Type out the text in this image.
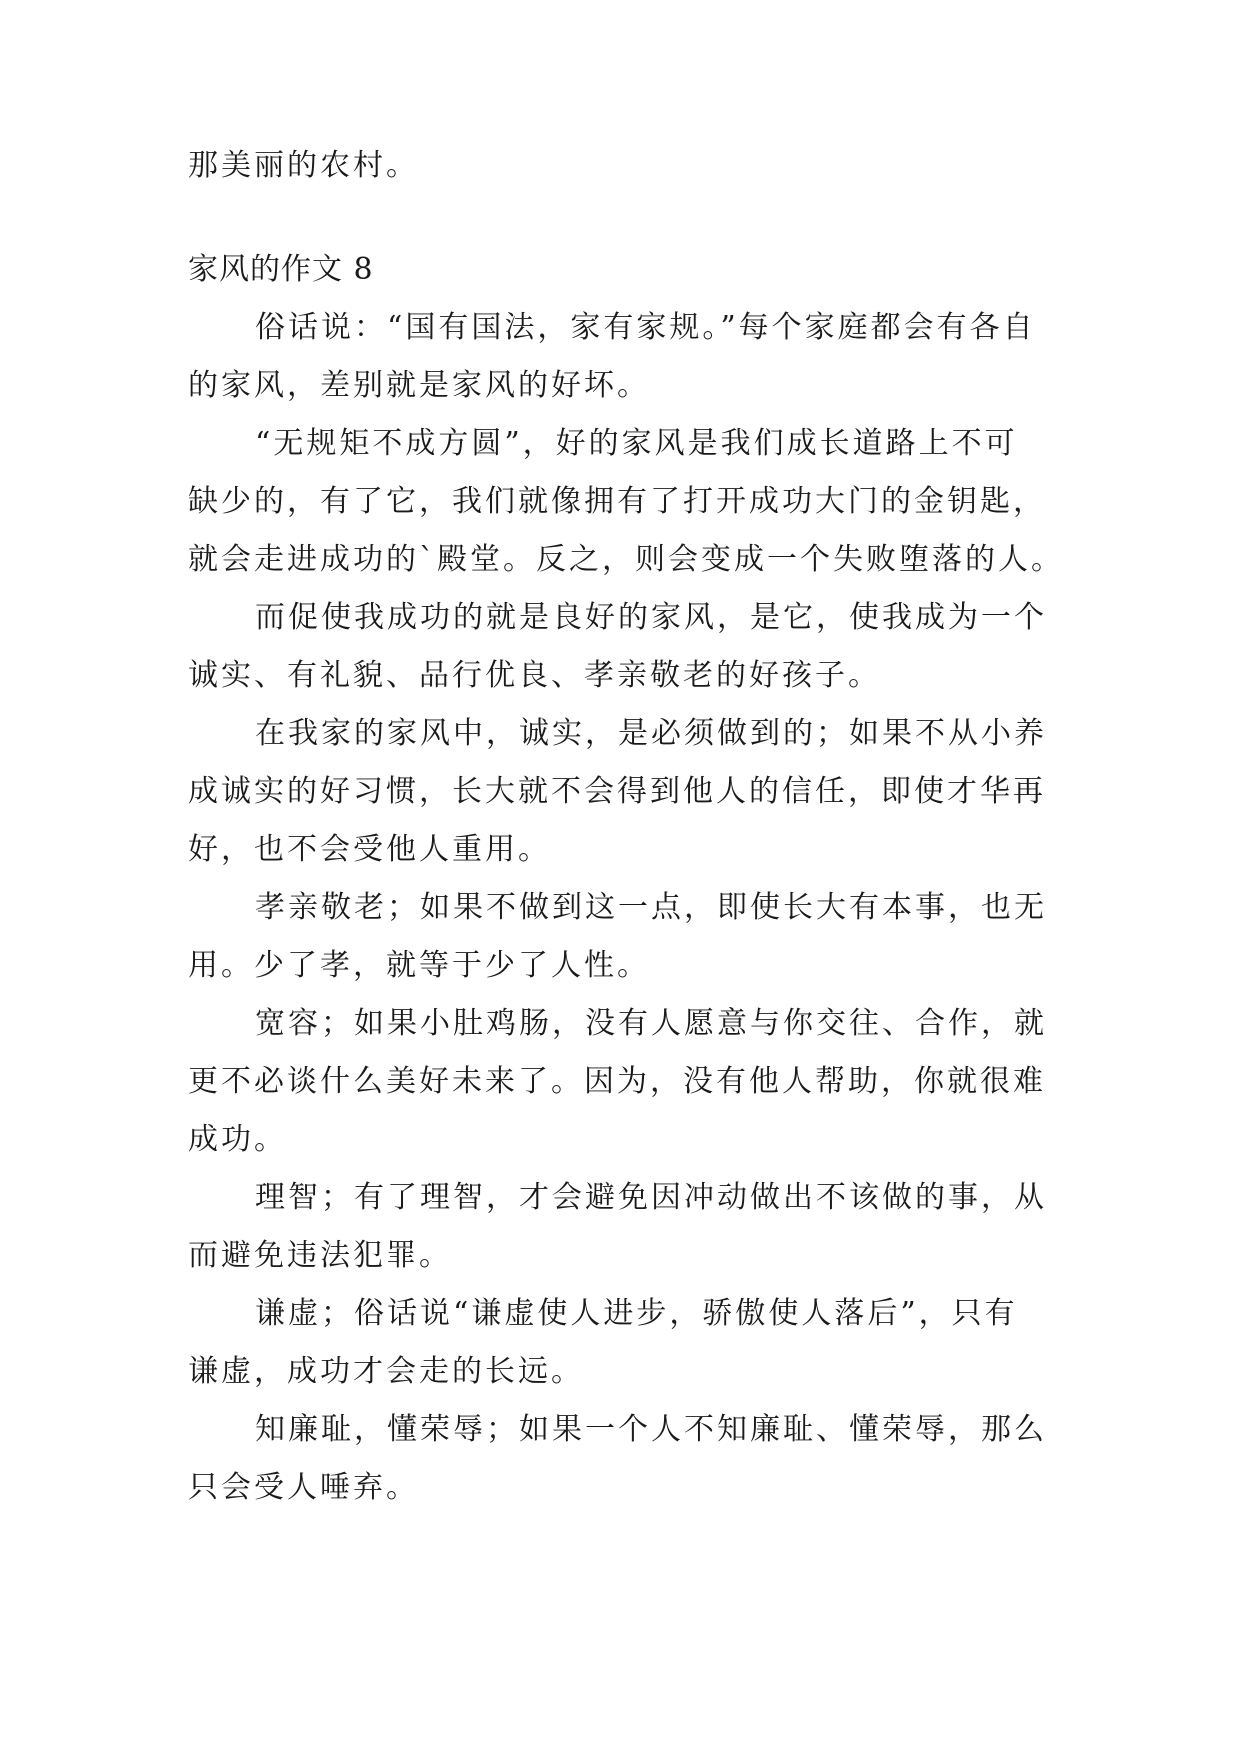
那美丽的农村。
家风的作文 8
俗话说：“国有国法，家有家规。”每个家庭都会有各自
的家风，差别就是家风的好坏。
“无规矩不成方圆”，好的家风是我们成长道路上不可
缺少的，有了它，我们就像拥有了打开成功大门的金钥匙，
就会走进成功的`殿堂。反之，则会变成一个失败堕落的人。
而促使我成功的就是良好的家风，是它，使我成为一个
诚实、有礼貌、品行优良、孝亲敬老的好孩子。
在我家的家风中，诚实，是必须做到的；如果不从小养
成诚实的好习惯，长大就不会得到他人的信任，即使才华再
好，也不会受他人重用。
孝亲敬老；如果不做到这一点，即使长大有本事，也无
用。少了孝，就等于少了人性。
宽容；如果小肚鸡肠，没有人愿意与你交往、合作，就
更不必谈什么美好未来了。因为，没有他人帮助，你就很难
成功。
理智；有了理智，才会避免因冲动做出不该做的事，从
而避免违法犯罪。
谦虚；俗话说“谦虚使人进步，骄傲使人落后”，只有
谦虚，成功才会走的长远。
知廉耻，懂荣辱；如果一个人不知廉耻、懂荣辱，那么
只会受人唾弃。
